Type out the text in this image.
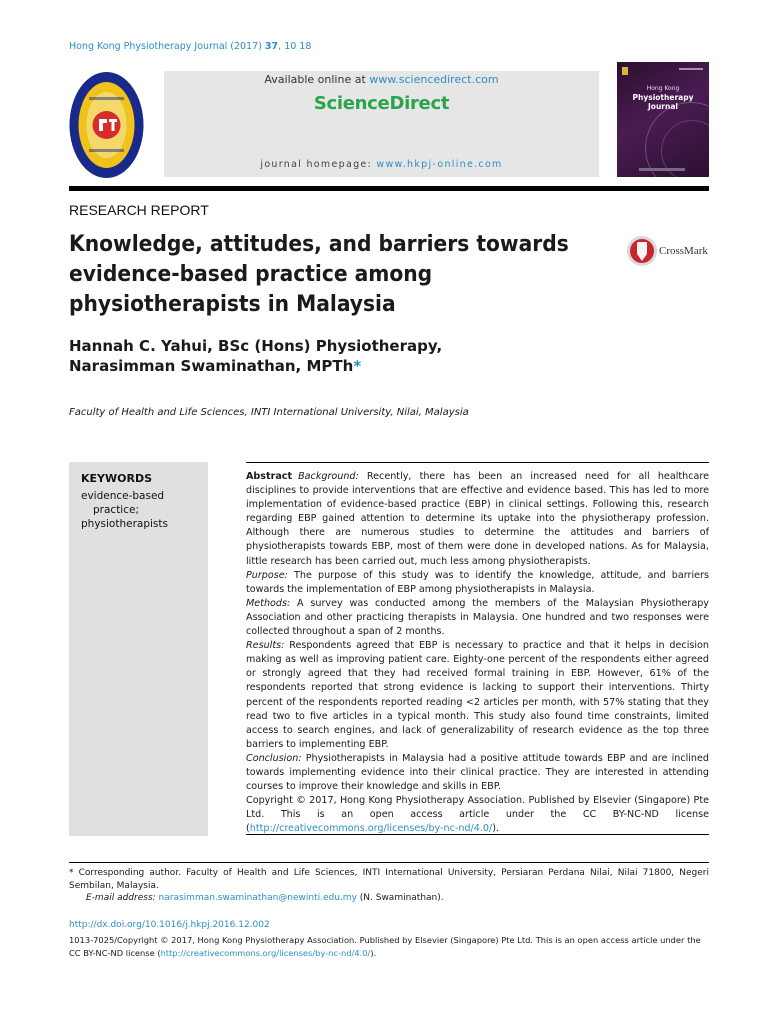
Hong Kong Physiotherapy Journal (2017) 37, 10 18
Available online at www.sciencedirect.com
ScienceDirect
journal homepage: www.hkpj-online.com
Hong Kong
Physiotherapy Journal
RESEARCH REPORT
Knowledge, attitudes, and barriers towards evidence-based practice among physiotherapists in Malaysia
CrossMark
Hannah C. Yahui, BSc (Hons) Physiotherapy,
Narasimman Swaminathan, MPTh*
Faculty of Health and Life Sciences, INTI International University, Nilai, Malaysia
KEYWORDS
evidence-based
practice;
physiotherapists

Abstract Background: Recently, there has been an increased need for all healthcare disciplines to provide interventions that are effective and evidence based. This has led to more implementation of evidence-based practice (EBP) in clinical settings. Following this, research regarding EBP gained attention to determine its uptake into the physiotherapy profession. Although there are numerous studies to determine the attitudes and barriers of physiotherapists towards EBP, most of them were done in developed nations. As for Malaysia, little research has been carried out, much less among physiotherapists.

Purpose: The purpose of this study was to identify the knowledge, attitude, and barriers towards the implementation of EBP among physiotherapists in Malaysia.

Methods: A survey was conducted among the members of the Malaysian Physiotherapy Association and other practicing therapists in Malaysia. One hundred and two responses were collected throughout a span of 2 months.

Results: Respondents agreed that EBP is necessary to practice and that it helps in decision making as well as improving patient care. Eighty-one percent of the respondents either agreed or strongly agreed that they had received formal training in EBP. However, 61% of the respondents reported that strong evidence is lacking to support their interventions. Thirty percent of the respondents reported reading <2 articles per month, with 57% stating that they read two to five articles in a typical month. This study also found time constraints, limited access to search engines, and lack of generalizability of research evidence as the top three barriers to implementing EBP.

Conclusion: Physiotherapists in Malaysia had a positive attitude towards EBP and are inclined towards implementing evidence into their clinical practice. They are interested in attending courses to improve their knowledge and skills in EBP.

Copyright © 2017, Hong Kong Physiotherapy Association. Published by Elsevier (Singapore) Pte Ltd. This is an open access article under the CC BY-NC-ND license (http://creativecommons.org/licenses/by-nc-nd/4.0/).

* Corresponding author. Faculty of Health and Life Sciences, INTI International University, Persiaran Perdana Nilai, Nilai 71800, Negeri Sembilan, Malaysia.
E-mail address: narasimman.swaminathan@newinti.edu.my (N. Swaminathan).
http://dx.doi.org/10.1016/j.hkpj.2016.12.002
1013-7025/Copyright © 2017, Hong Kong Physiotherapy Association. Published by Elsevier (Singapore) Pte Ltd. This is an open access article under the CC BY-NC-ND license (http://creativecommons.org/licenses/by-nc-nd/4.0/).
